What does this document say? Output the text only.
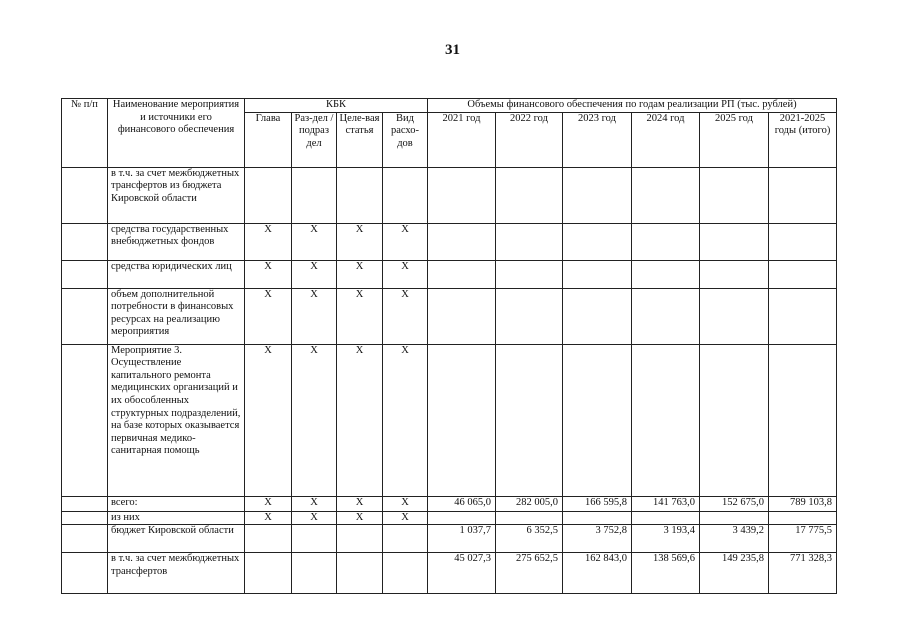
31
№ п/п	Наименование мероприятия и источники его финансового обеспечения	КБК				Объемы финансового обеспечения по годам реализации РП (тыс. рублей)					
		Глава	Раз-дел / подраз дел	Целе-вая статья	Вид расхо-дов	2021 год	2022 год	2023 год	2024 год	2025 год	2021-2025 годы (итого)
	в т.ч. за счет межбюджетных трансфертов из бюджета Кировской области										
	средства государственных внебюджетных фондов	X	X	X	X						
	средства юридических лиц	X	X	X	X						
	объем дополнительной потребности в финансовых ресурсах на реализацию мероприятия	X	X	X	X						
	Мероприятие 3. Осуществление капитального ремонта медицинских организаций и их обособленных структурных подразделений, на базе которых оказывается первичная медико-санитарная помощь	X	X	X	X						
	всего:	X	X	X	X	46 065,0	282 005,0	166 595,8	141 763,0	152 675,0	789 103,8
	из них	X	X	X	X						
	бюджет Кировской области					1 037,7	6 352,5	3 752,8	3 193,4	3 439,2	17 775,5
	в т.ч. за счет межбюджетных трансфертов					45 027,3	275 652,5	162 843,0	138 569,6	149 235,8	771 328,3
